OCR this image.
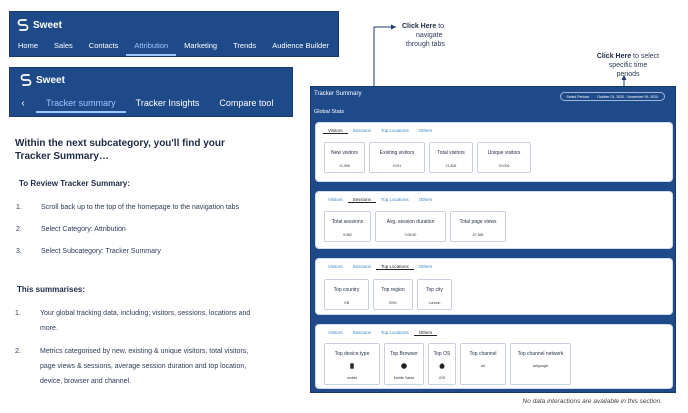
Sweet
Home	Sales	Contacts	Attribution	Marketing	Trends	Audience Builder
Sweet
‹	Tracker summary	Tracker Insights	Compare tool
Within the next subcategory, you'll find your
Tracker Summary…
To Review Tracker Summary:
1.	Scroll back up to the top of the homepage to the navigation tabs
2.	Select Category: Attribution
3.	Select Subcategory: Tracker Summary
This summarises:
1.	Your global tracking data, including; visitors, sessions, locations and
more.
2.	Metrics categorised by new, existing & unique visitors, total visitors,
page views & sessions, average session duration and top location,
device, browser and channel.
Click Here to
navigate
through tabs
Click Here to select
specific time
periods
Tracker Summary	Select Periods October 01, 2020 - November 09, 2020
Global Stats
Visitors	Sessions	Top Locations	Others
New visitors
11,905
Existing visitors
9,921
Total visitors
21,826
Unique visitors
20,004
Visitors	Sessions	Top Locations	Others
Total sessions
9,962
Avg. session duration
0:05:50
Total page views
67,365
Visitors	Sessions	Top Locations	Others
Top country
GB
Top region
ENG
Top city
London
Visitors	Sessions	Top Locations	Others
Top device type
mobile
Top Browser
Mobile Safari
Top OS
iOS
Top channel
ad
Top channel network
ad/google
No data interactions are available in this section.
